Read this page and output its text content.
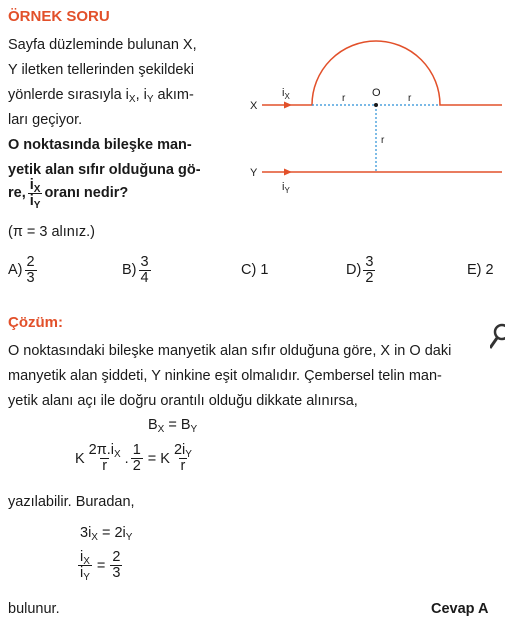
ÖRNEK SORU
Sayfa düzleminde bulunan X,
Y iletken tellerinden şekildeki
yönlerde sırasıyla $i_X$, $i_Y$ akım-
ları geçiyor.
O noktasında bileşke man-
yetik alan sıfır olduğuna gö-
re, $\frac{i_X}{i_Y}$ oranı nedir?
(π = 3 alınız.)
X
Y
O
r	r
r
$i_X$
$i_Y$
$A) \frac{2}{3}$	$B) \frac{3}{4}$	C) 1	$D) \frac{3}{2}$	E) 2
Çözüm:
O noktasındaki bileşke manyetik alan sıfır olduğuna göre, X in O daki
manyetik alan şiddeti, Y ninkine eşit olmalıdır. Çembersel telin man-
yetik alanı açı ile doğru orantılı olduğu dikkate alınırsa,
$B_X = B_Y$
K $\frac{2\pi.i_X}{r}$ . $\frac{1}{2} = K \frac{2i_Y}{r}$
yazılabilir. Buradan,
$3i_X = 2i_Y$
$\frac{i_X}{i_Y} = \frac{2}{3}$
bulunur.	Cevap A
